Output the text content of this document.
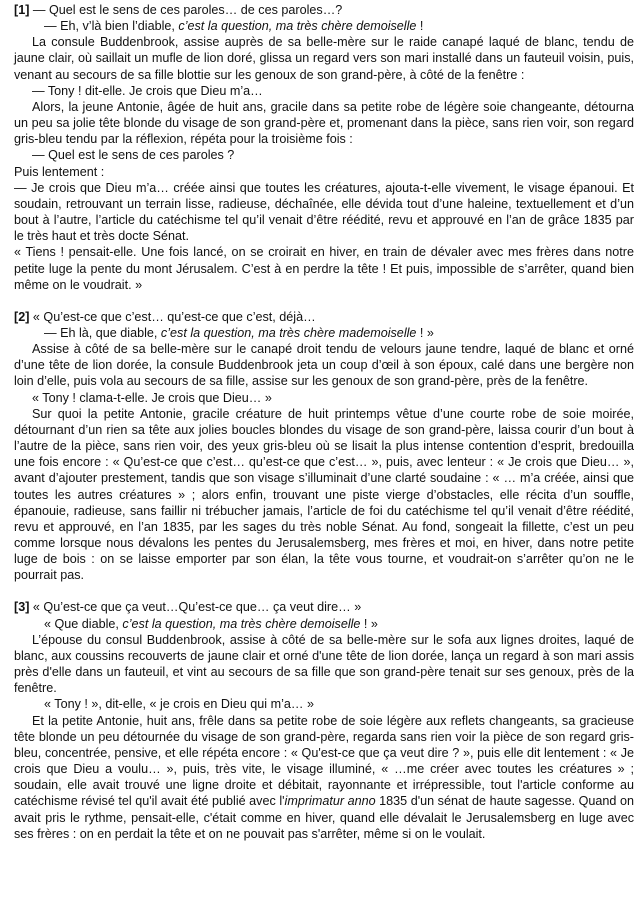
[1] — Quel est le sens de ces paroles… de ces paroles…?

— Eh, v’là bien l’diable, c’est la question, ma très chère demoiselle !

La consule Buddenbrook, assise auprès de sa belle-mère sur le raide canapé laqué de blanc, tendu de jaune clair, où saillait un mufle de lion doré, glissa un regard vers son mari installé dans un fauteuil voisin, puis, venant au secours de sa fille blottie sur les genoux de son grand-père, à côté de la fenêtre :

— Tony ! dit-elle. Je crois que Dieu m’a…

Alors, la jeune Antonie, âgée de huit ans, gracile dans sa petite robe de légère soie changeante, détourna un peu sa jolie tête blonde du visage de son grand-père et, promenant dans la pièce, sans rien voir, son regard gris-bleu tendu par la réflexion, répéta pour la troisième fois :

— Quel est le sens de ces paroles ?

Puis lentement :

— Je crois que Dieu m’a… créée ainsi que toutes les créatures, ajouta-t-elle vivement, le visage épanoui. Et soudain, retrouvant un terrain lisse, radieuse, déchaînée, elle dévida tout d’une haleine, textuellement et d’un bout à l’autre, l’article du catéchisme tel qu’il venait d’être réédité, revu et approuvé en l’an de grâce 1835 par le très haut et très docte Sénat.

« Tiens ! pensait-elle. Une fois lancé, on se croirait en hiver, en train de dévaler avec mes frères dans notre petite luge la pente du mont Jérusalem. C’est à en perdre la tête ! Et puis, impossible de s’arrêter, quand bien même on le voudrait. »

[2] « Qu’est-ce que c’est… qu’est-ce que c’est, déjà…

— Eh là, que diable, c’est la question, ma très chère mademoiselle ! »

Assise à côté de sa belle-mère sur le canapé droit tendu de velours jaune tendre, laqué de blanc et orné d’une tête de lion dorée, la consule Buddenbrook jeta un coup d’œil à son époux, calé dans une bergère non loin d’elle, puis vola au secours de sa fille, assise sur les genoux de son grand-père, près de la fenêtre.

« Tony ! clama-t-elle. Je crois que Dieu… »

Sur quoi la petite Antonie, gracile créature de huit printemps vêtue d’une courte robe de soie moirée, détournant d’un rien sa tête aux jolies boucles blondes du visage de son grand-père, laissa courir d’un bout à l’autre de la pièce, sans rien voir, des yeux gris-bleu où se lisait la plus intense contention d’esprit, bredouilla une fois encore : « Qu’est-ce que c’est… qu’est-ce que c’est… », puis, avec lenteur : « Je crois que Dieu… », avant d’ajouter prestement, tandis que son visage s’illuminait d’une clarté soudaine : « … m’a créée, ainsi que toutes les autres créatures » ; alors enfin, trouvant une piste vierge d’obstacles, elle récita d’un souffle, épanouie, radieuse, sans faillir ni trébucher jamais, l’article de foi du catéchisme tel qu’il venait d’être réédité, revu et approuvé, en l’an 1835, par les sages du très noble Sénat. Au fond, songeait la fillette, c’est un peu comme lorsque nous dévalons les pentes du Jerusalemsberg, mes frères et moi, en hiver, dans notre petite luge de bois : on se laisse emporter par son élan, la tête vous tourne, et voudrait-on s’arrêter qu’on ne le pourrait pas.

[3] « Qu’est-ce que ça veut…Qu’est-ce que… ça veut dire… »

« Que diable, c’est la question, ma très chère demoiselle ! »

L’épouse du consul Buddenbrook, assise à côté de sa belle-mère sur le sofa aux lignes droites, laqué de blanc, aux coussins recouverts de jaune clair et orné d'une tête de lion dorée, lança un regard à son mari assis près d'elle dans un fauteuil, et vint au secours de sa fille que son grand-père tenait sur ses genoux, près de la fenêtre.

« Tony ! », dit-elle, « je crois en Dieu qui m’a… »

Et la petite Antonie, huit ans, frêle dans sa petite robe de soie légère aux reflets changeants, sa gracieuse tête blonde un peu détournée du visage de son grand-père, regarda sans rien voir la pièce de son regard gris-bleu, concentrée, pensive, et elle répéta encore : « Qu'est-ce que ça veut dire ? », puis elle dit lentement : « Je crois que Dieu a voulu… », puis, très vite, le visage illuminé, « …me créer avec toutes les créatures » ; soudain, elle avait trouvé une ligne droite et débitait, rayonnante et irrépressible, tout l'article conforme au catéchisme révisé tel qu'il avait été publié avec l'imprimatur anno 1835 d'un sénat de haute sagesse. Quand on avait pris le rythme, pensait-elle, c'était comme en hiver, quand elle dévalait le Jerusalemsberg en luge avec ses frères : on en perdait la tête et on ne pouvait pas s'arrêter, même si on le voulait.
